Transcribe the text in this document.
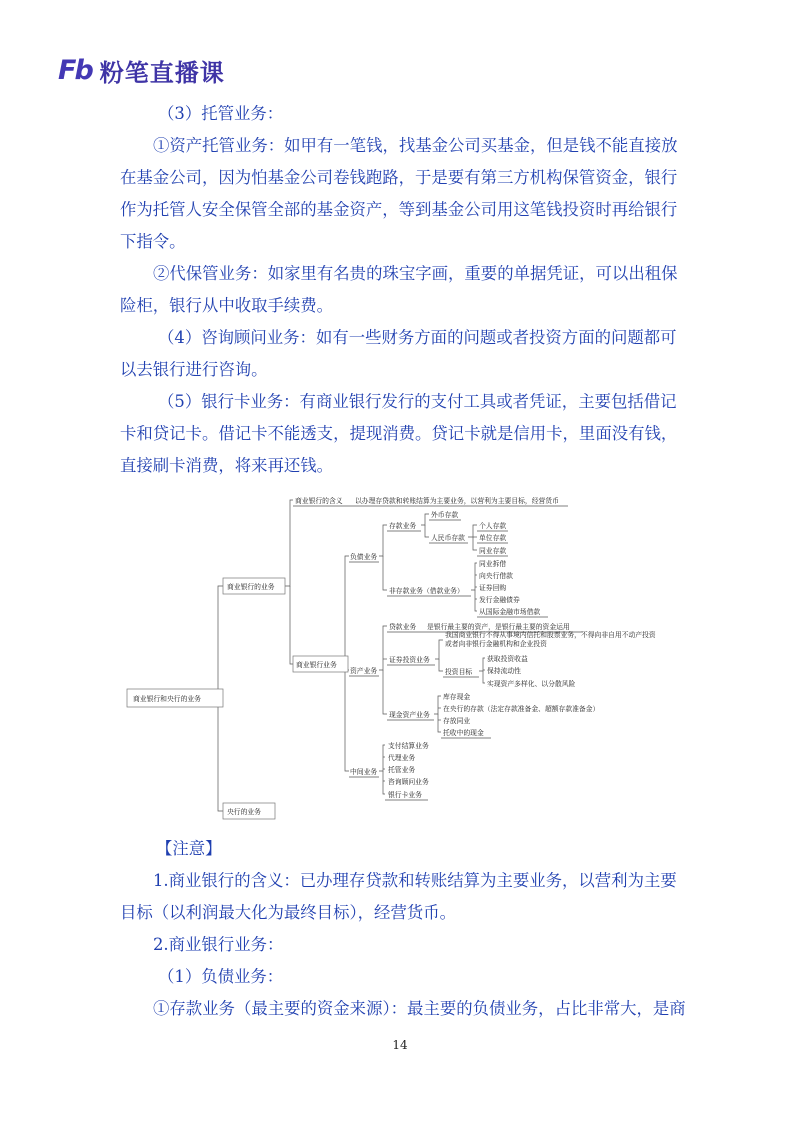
Fb 粉笔直播课

（3）托管业务：

①资产托管业务：如甲有一笔钱，找基金公司买基金，但是钱不能直接放在基金公司，因为怕基金公司卷钱跑路，于是要有第三方机构保管资金，银行作为托管人安全保管全部的基金资产，等到基金公司用这笔钱投资时再给银行下指令。

②代保管业务：如家里有名贵的珠宝字画，重要的单据凭证，可以出租保险柜，银行从中收取手续费。

（4）咨询顾问业务：如有一些财务方面的问题或者投资方面的问题都可以去银行进行咨询。

（5）银行卡业务：有商业银行发行的支付工具或者凭证，主要包括借记卡和贷记卡。借记卡不能透支，提现消费。贷记卡就是信用卡，里面没有钱，直接刷卡消费，将来再还钱。

商业银行和央行的业务
商业银行的业务
央行的业务
商业银行的含义 以办理存贷款和转账结算为主要业务，以营利为主要目标，经营货币
商业银行业务
负债业务
存款业务
外币存款
人民币存款
个人存款
单位存款
同业存款
非存款业务（借款业务）
同业拆借
向央行借款
证券回购
发行金融债券
从国际金融市场借款
资产业务
贷款业务 是银行最主要的资产，是银行最主要的资金运用
证券投资业务
我国商业银行不得从事境内信托和股票业务，不得向非自用不动产投资
或者向非银行金融机构和企业投资
投资目标
获取投资收益
保持流动性
实现资产多样化、以分散风险
现金资产业务
库存现金
在央行的存款（法定存款准备金、超额存款准备金）
存放同业
托收中的现金
中间业务
支付结算业务
代理业务
托管业务
咨询顾问业务
银行卡业务

【注意】

1.商业银行的含义：已办理存贷款和转账结算为主要业务，以营利为主要目标（以利润最大化为最终目标），经营货币。

2.商业银行业务：

（1）负债业务：

①存款业务（最主要的资金来源）：最主要的负债业务，占比非常大，是商

14
